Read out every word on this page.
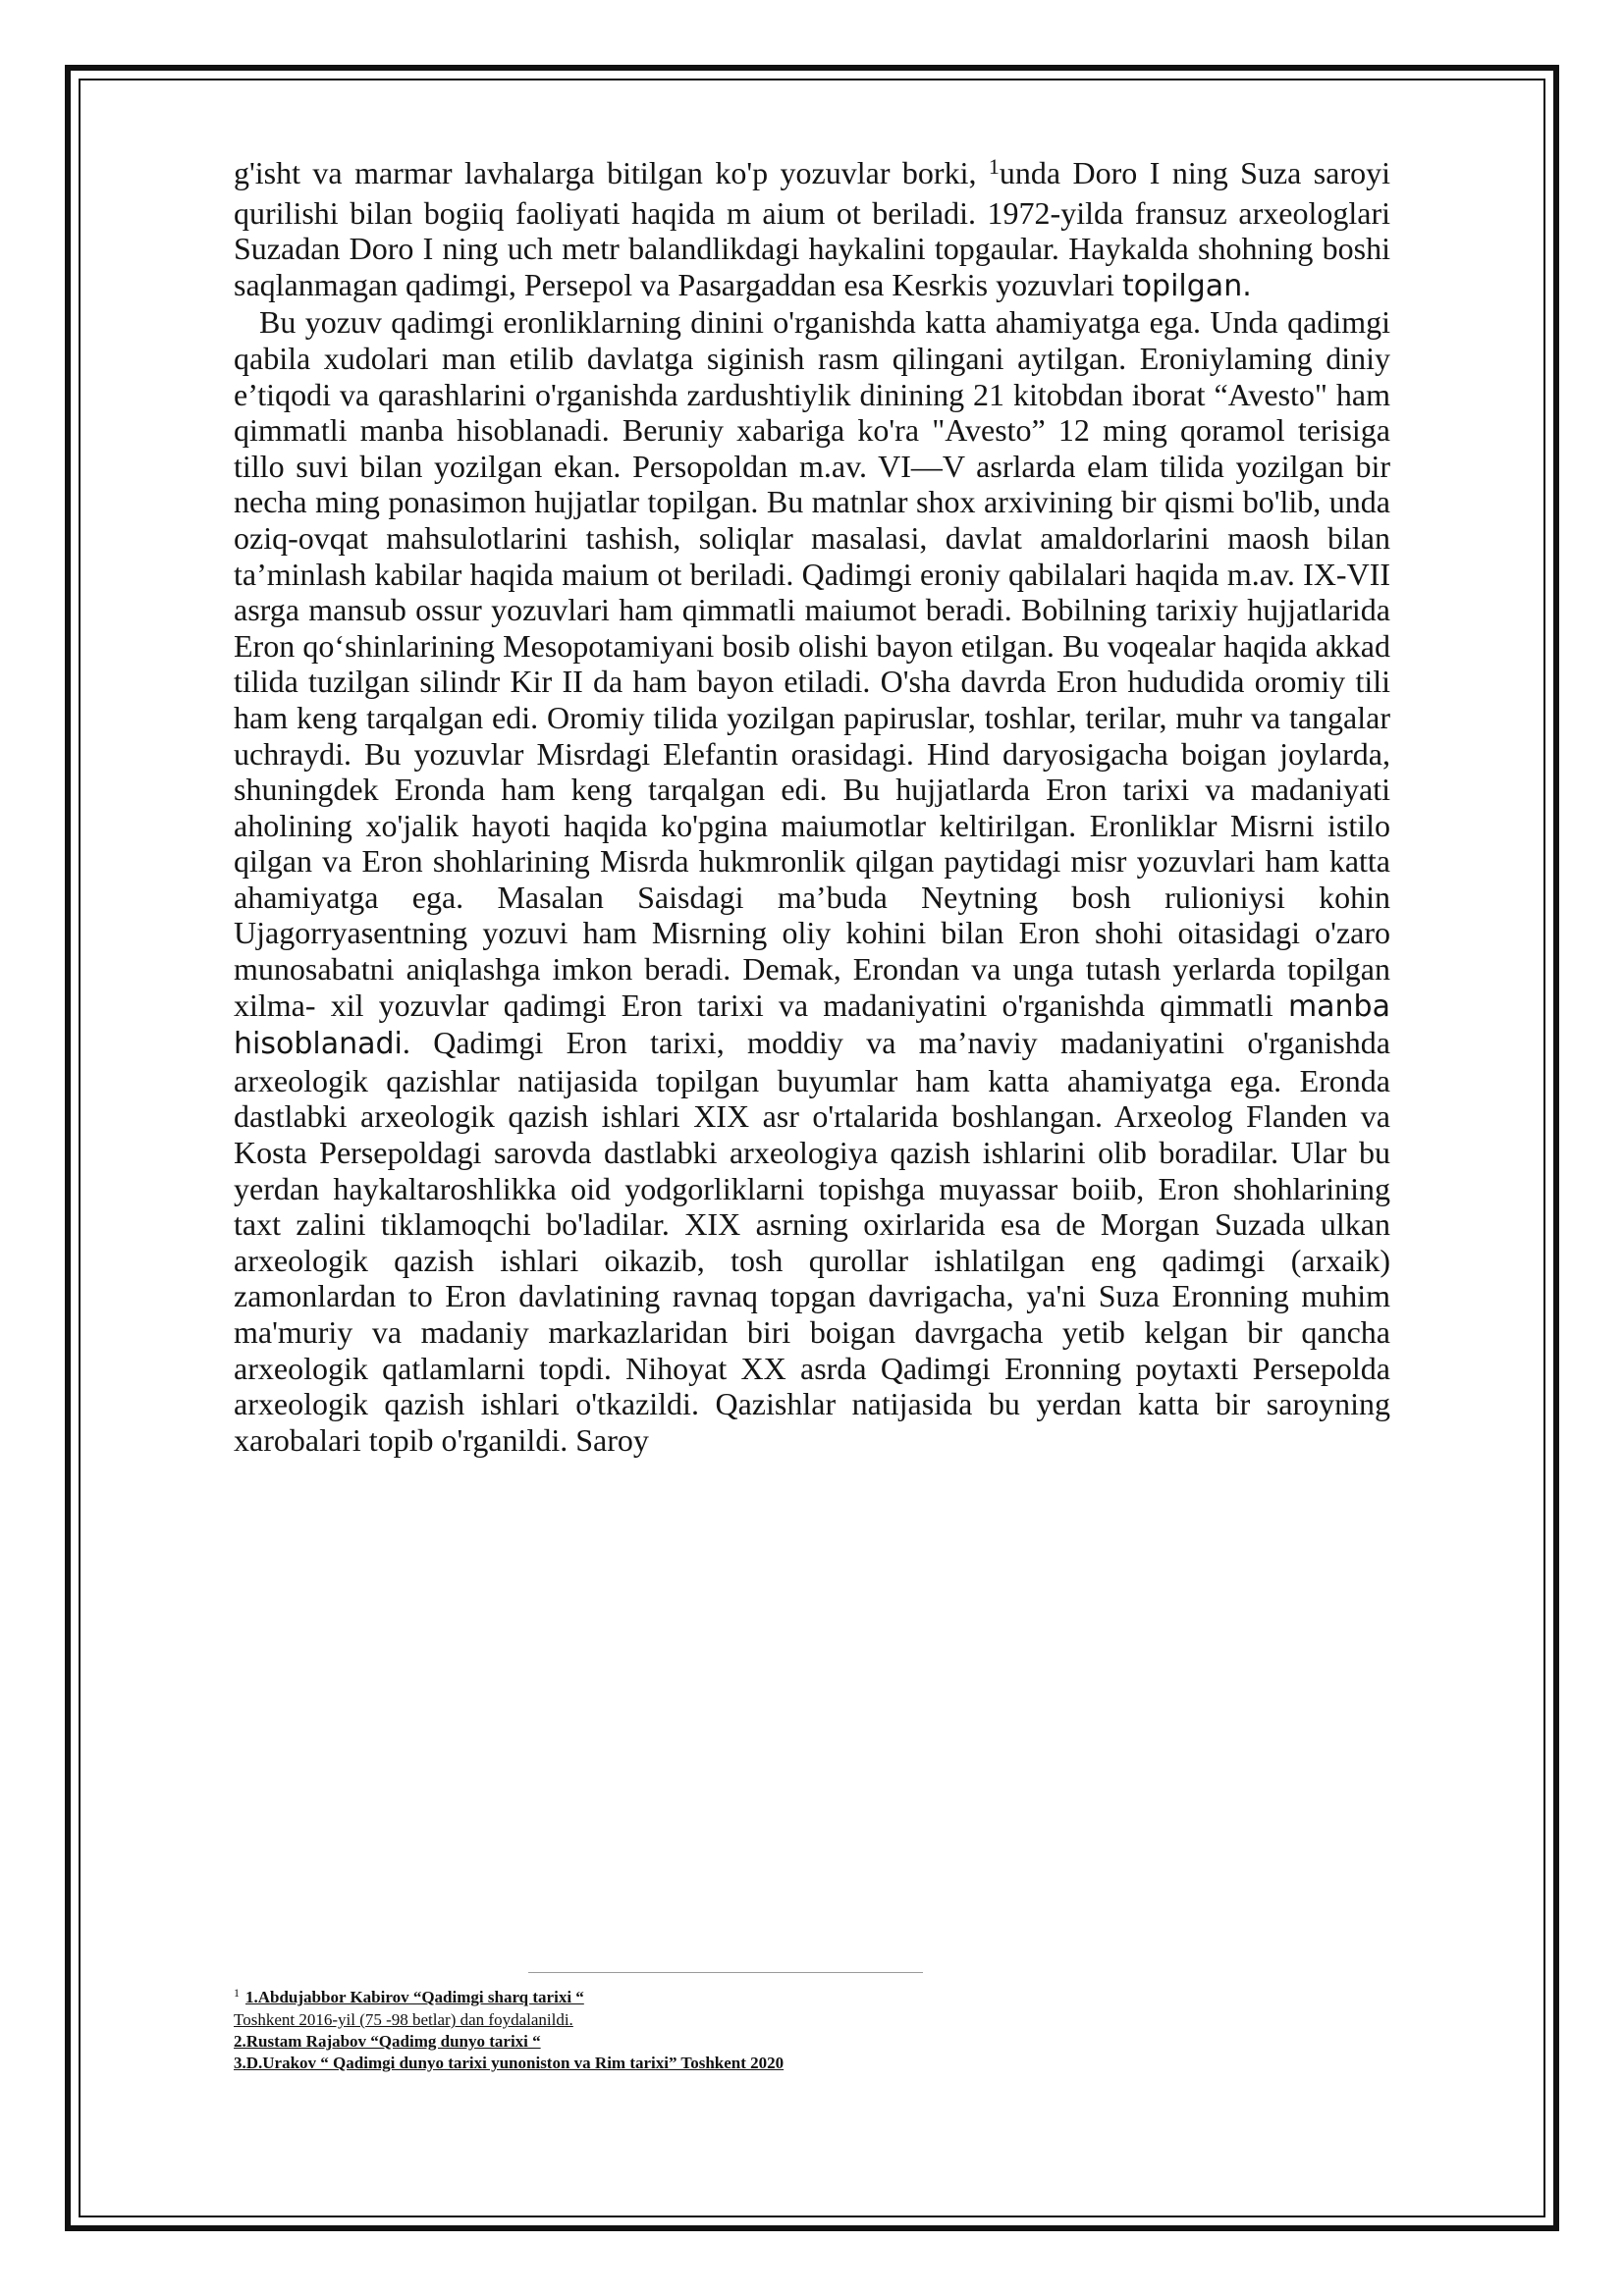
g'isht va marmar lavhalarga bitilgan ko'p yozuvlar borki, $^1$unda Doro I ning Suza saroyi qurilishi bilan bogiiq faoliyati haqida m aium ot beriladi. 1972-yilda fransuz arxeologlari Suzadan Doro I ning uch metr balandlikdagi haykalini topgaular. Haykalda shohning boshi saqlanmagan qadimgi, Persepol va Pasargaddan esa Kesrkis yozuvlari topilgan.

Bu yozuv qadimgi eronliklarning dinini o'rganishda katta ahamiyatga ega. Unda qadimgi qabila xudolari man etilib davlatga siginish rasm qilingani aytilgan. Eroniylaming diniy e’tiqodi va qarashlarini o'rganishda zardushtiylik dinining 21 kitobdan iborat “Avesto" ham qimmatli manba hisoblanadi. Beruniy xabariga ko'ra "Avesto” 12 ming qoramol terisiga tillo suvi bilan yozilgan ekan. Persopoldan m.av. VI—V asrlarda elam tilida yozilgan bir necha ming ponasimon hujjatlar topilgan. Bu matnlar shox arxivining bir qismi bo'lib, unda oziq-ovqat mahsulotlarini tashish, soliqlar masalasi, davlat amaldorlarini maosh bilan ta’minlash kabilar haqida maium ot beriladi. Qadimgi eroniy qabilalari haqida m.av. IX-VII asrga mansub ossur yozuvlari ham qimmatli maiumot beradi. Bobilning tarixiy hujjatlarida Eron qo‘shinlarining Mesopotamiyani bosib olishi bayon etilgan. Bu voqealar haqida akkad tilida tuzilgan silindr Kir II da ham bayon etiladi. O'sha davrda Eron hududida oromiy tili ham keng tarqalgan edi. Oromiy tilida yozilgan papiruslar, toshlar, terilar, muhr va tangalar uchraydi. Bu yozuvlar Misrdagi Elefantin orasidagi. Hind daryosigacha boigan joylarda, shuningdek Eronda ham keng tarqalgan edi. Bu hujjatlarda Eron tarixi va madaniyati aholining xo'jalik hayoti haqida ko'pgina maiumotlar keltirilgan. Eronliklar Misrni istilo qilgan va Eron shohlarining Misrda hukmronlik qilgan paytidagi misr yozuvlari ham katta ahamiyatga ega. Masalan Saisdagi ma’buda Neytning bosh rulioniysi kohin Ujagorryasentning yozuvi ham Misrning oliy kohini bilan Eron shohi oitasidagi o'zaro munosabatni aniqlashga imkon beradi. Demak, Erondan va unga tutash yerlarda topilgan xilma- xil yozuvlar qadimgi Eron tarixi va madaniyatini o'rganishda qimmatli manba hisoblanadi. Qadimgi Eron tarixi, moddiy va ma’naviy madaniyatini o'rganishda arxeologik qazishlar natijasida topilgan buyumlar ham katta ahamiyatga ega. Eronda dastlabki arxeologik qazish ishlari XIX asr o'rtalarida boshlangan. Arxeolog Flanden va Kosta Persepoldagi sarovda dastlabki arxeologiya qazish ishlarini olib boradilar. Ular bu yerdan haykaltaroshlikka oid yodgorliklarni topishga muyassar boiib, Eron shohlarining taxt zalini tiklamoqchi bo'ladilar. XIX asrning oxirlarida esa de Morgan Suzada ulkan arxeologik qazish ishlari oikazib, tosh qurollar ishlatilgan eng qadimgi (arxaik) zamonlardan to Eron davlatining ravnaq topgan davrigacha, ya'ni Suza Eronning muhim ma'muriy va madaniy markazlaridan biri boigan davrgacha yetib kelgan bir qancha arxeologik qatlamlarni topdi. Nihoyat XX asrda Qadimgi Eronning poytaxti Persepolda arxeologik qazish ishlari o'tkazildi. Qazishlar natijasida bu yerdan katta bir saroyning xarobalari topib o'rganildi. Saroy

$^1$ 1.Abdujabbor Kabirov “Qadimgi sharq tarixi “
Toshkent 2016-yil (75 -98 betlar) dan foydalanildi.
2.Rustam Rajabov “Qadimg dunyo tarixi “
3.D.Urakov “ Qadimgi dunyo tarixi yunoniston va Rim tarixi” Toshkent 2020
